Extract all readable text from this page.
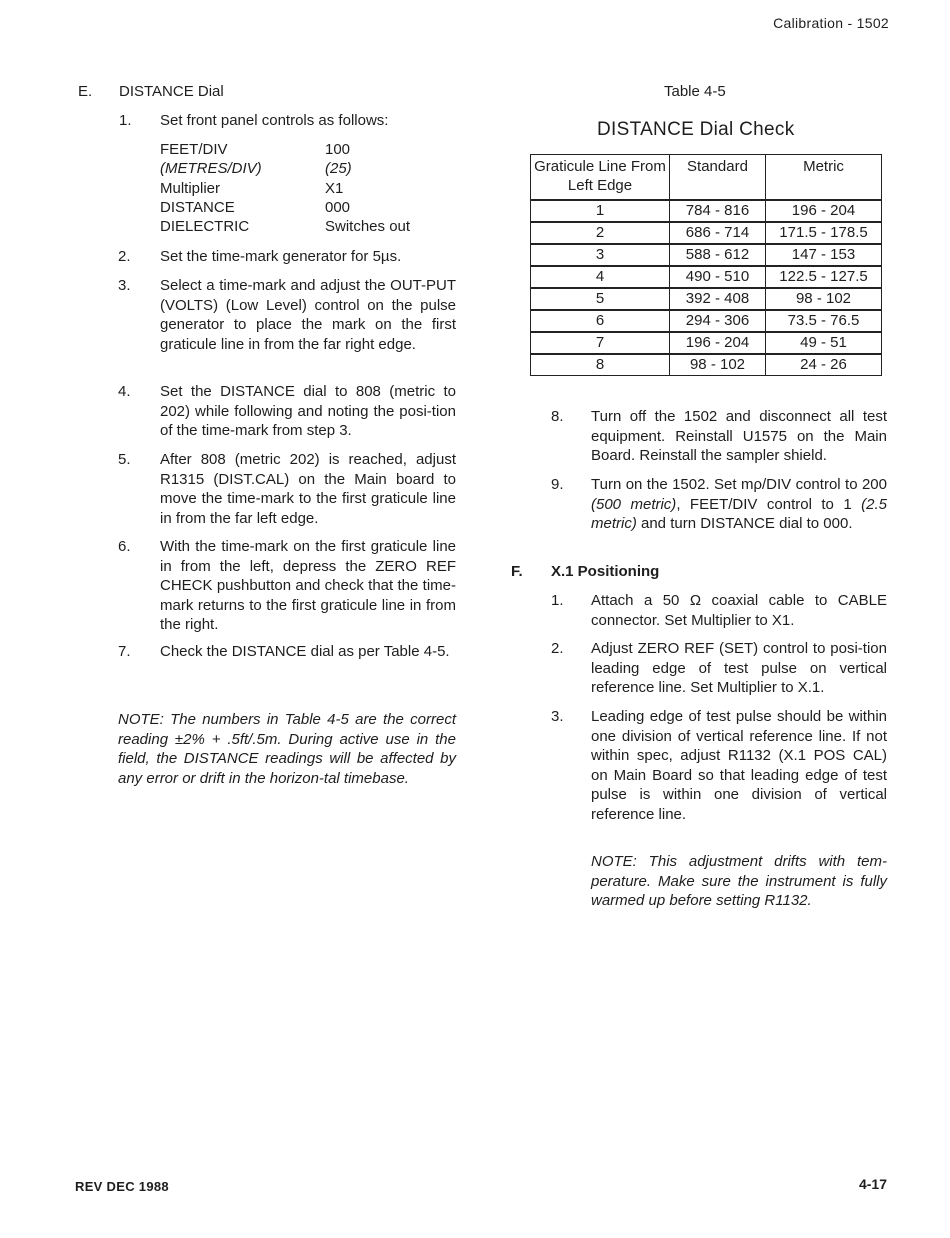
Calibration - 1502
E. DISTANCE Dial
1.	Set front panel controls as follows:
FEET/DIV	100
(METRES/DIV)	(25)
Multiplier	X1
DISTANCE	000
DIELECTRIC	Switches out
2.	Set the time-mark generator for 5µs.
3.	Select a time-mark and adjust the OUT-PUT (VOLTS) (Low Level) control on the pulse generator to place the mark on the first graticule line in from the far right edge.
4.	Set the DISTANCE dial to 808 (metric to 202) while following and noting the posi-tion of the time-mark from step 3.
5.	After 808 (metric 202) is reached, adjust R1315 (DIST.CAL) on the Main board to move the time-mark to the first graticule line in from the far left edge.
6.	With the time-mark on the first graticule line in from the left, depress the ZERO REF CHECK pushbutton and check that the time-mark returns to the first graticule line in from the right.
7.	Check the DISTANCE dial as per Table 4-5.
NOTE: The numbers in Table 4-5 are the correct reading ±2% + .5ft/.5m. During active use in the field, the DISTANCE readings will be affected by any error or drift in the horizon-tal timebase.
Table 4-5
DISTANCE Dial Check
Graticule Line From Left Edge	Standard	Metric
1	784 - 816	196 - 204
2	686 - 714	171.5 - 178.5
3	588 - 612	147 - 153
4	490 - 510	122.5 - 127.5
5	392 - 408	98 - 102
6	294 - 306	73.5 - 76.5
7	196 - 204	49 - 51
8	98 - 102	24 - 26
8.	Turn off the 1502 and disconnect all test equipment. Reinstall U1575 on the Main Board. Reinstall the sampler shield.
9.	Turn on the 1502. Set mρ/DIV control to 200 (500 metric), FEET/DIV control to 1 (2.5 metric) and turn DISTANCE dial to 000.
F. X.1 Positioning
1.	Attach a 50 Ω coaxial cable to CABLE connector. Set Multiplier to X1.
2.	Adjust ZERO REF (SET) control to posi-tion leading edge of test pulse on vertical reference line. Set Multiplier to X.1.
3.	Leading edge of test pulse should be within one division of vertical reference line. If not within spec, adjust R1132 (X.1 POS CAL) on Main Board so that leading edge of test pulse is within one division of vertical reference line.
NOTE: This adjustment drifts with tem-perature. Make sure the instrument is fully warmed up before setting R1132.
REV DEC 1988	4-17
